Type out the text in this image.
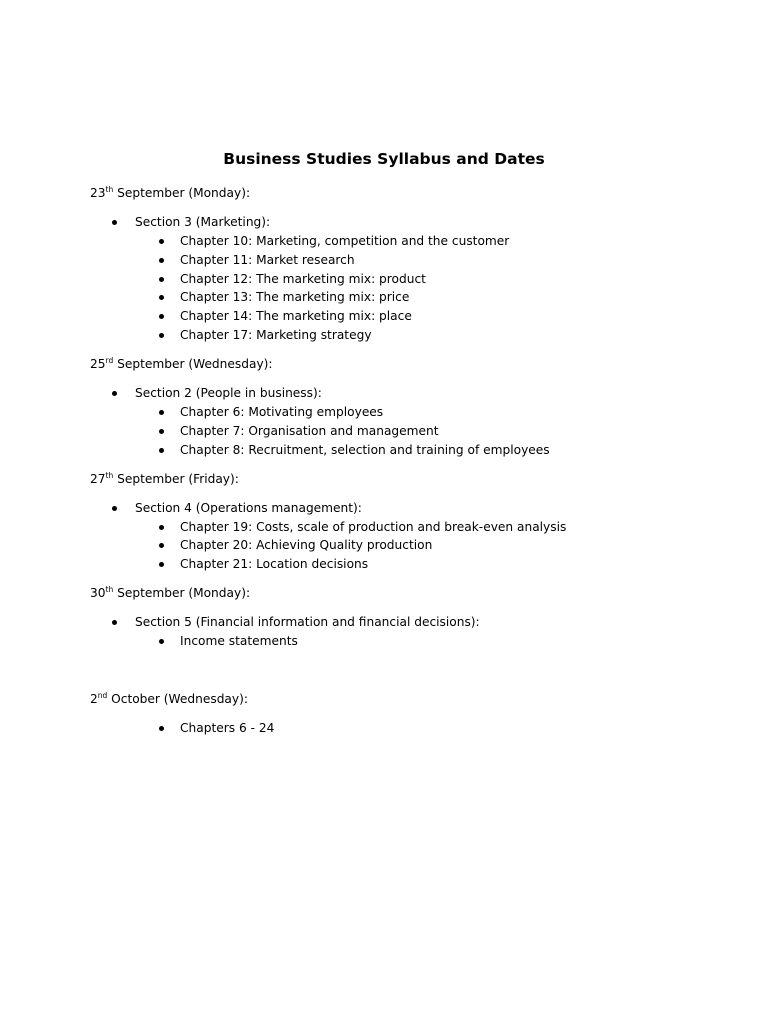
Business Studies Syllabus and Dates
23th September (Monday):
Section 3 (Marketing):
Chapter 10: Marketing, competition and the customer
Chapter 11: Market research
Chapter 12: The marketing mix: product
Chapter 13: The marketing mix: price
Chapter 14: The marketing mix: place
Chapter 17: Marketing strategy
25rd September (Wednesday):
Section 2 (People in business):
Chapter 6: Motivating employees
Chapter 7: Organisation and management
Chapter 8: Recruitment, selection and training of employees
27th September (Friday):
Section 4 (Operations management):
Chapter 19: Costs, scale of production and break-even analysis
Chapter 20: Achieving Quality production
Chapter 21: Location decisions
30th September (Monday):
Section 5 (Financial information and financial decisions):
Income statements
2nd October (Wednesday):
Chapters 6 - 24
